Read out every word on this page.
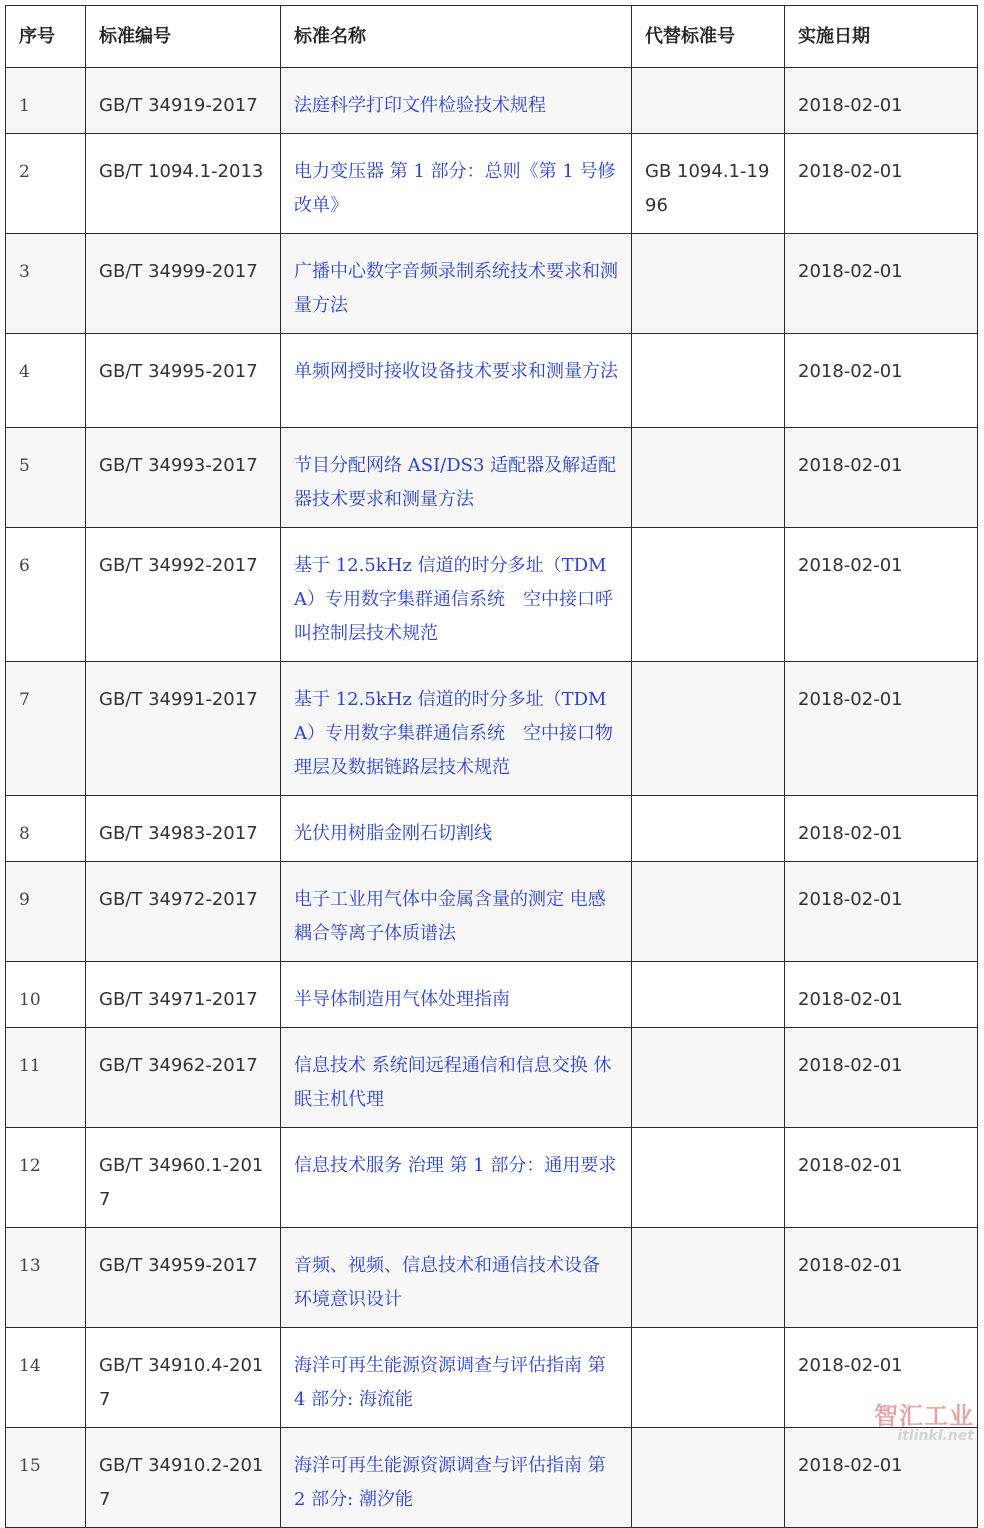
序号	标准编号	标准名称	代替标准号	实施日期
1	GB/T 34919-2017	法庭科学打印文件检验技术规程		2018-02-01
2	GB/T 1094.1-2013	电力变压器 第 1 部分：总则《第 1 号修改单》	GB 1094.1-1996	2018-02-01
3	GB/T 34999-2017	广播中心数字音频录制系统技术要求和测量方法		2018-02-01
4	GB/T 34995-2017	单频网授时接收设备技术要求和测量方法		2018-02-01
5	GB/T 34993-2017	节目分配网络 ASI/DS3 适配器及解适配器技术要求和测量方法		2018-02-01
6	GB/T 34992-2017	基于 12.5kHz 信道的时分多址（TDMA）专用数字集群通信系统　空中接口呼叫控制层技术规范		2018-02-01
7	GB/T 34991-2017	基于 12.5kHz 信道的时分多址（TDMA）专用数字集群通信系统　空中接口物理层及数据链路层技术规范		2018-02-01
8	GB/T 34983-2017	光伏用树脂金刚石切割线		2018-02-01
9	GB/T 34972-2017	电子工业用气体中金属含量的测定 电感耦合等离子体质谱法		2018-02-01
10	GB/T 34971-2017	半导体制造用气体处理指南		2018-02-01
11	GB/T 34962-2017	信息技术 系统间远程通信和信息交换 休眠主机代理		2018-02-01
12	GB/T 34960.1-2017	信息技术服务 治理 第 1 部分：通用要求		2018-02-01
13	GB/T 34959-2017	音频、视频、信息技术和通信技术设备 环境意识设计		2018-02-01
14	GB/T 34910.4-2017	海洋可再生能源资源调查与评估指南 第 4 部分: 海流能		2018-02-01
15	GB/T 34910.2-2017	海洋可再生能源资源调查与评估指南 第 2 部分: 潮汐能		2018-02-01
智汇工业
itlinkl.net
